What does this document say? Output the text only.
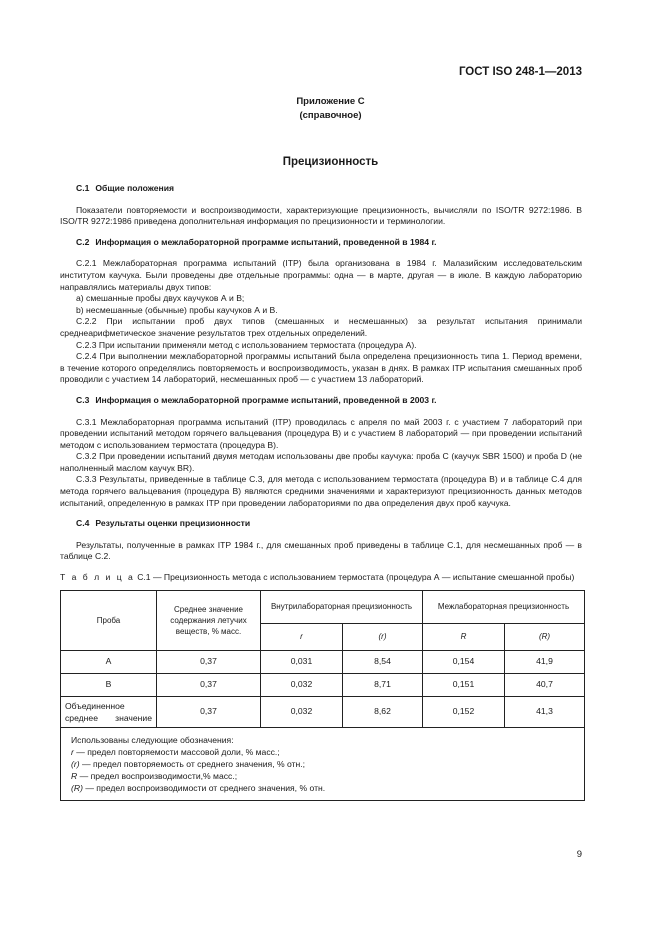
ГОСТ ISO 248-1—2013
Приложение С
(справочное)
Прецизионность
С.1 Общие положения

Показатели повторяемости и воспроизводимости, характеризующие прецизионность, вычисляли по ISO/TR 9272:1986. В ISO/TR 9272:1986 приведена дополнительная информация по прецизионности и терминологии.

С.2 Информация о межлабораторной программе испытаний, проведенной в 1984 г.

С.2.1 Межлабораторная программа испытаний (ITP) была организована в 1984 г. Малазийским исследовательским институтом каучука. Были проведены две отдельные программы: одна — в марте, другая — в июле. В каждую лабораторию направлялись материалы двух типов:

а) смешанные пробы двух каучуков А и В;

b) несмешанные (обычные) пробы каучуков А и В.

С.2.2 При испытании проб двух типов (смешанных и несмешанных) за результат испытания принимали среднеарифметическое значение результатов трех отдельных определений.

С.2.3 При испытании применяли метод с использованием термостата (процедура А).

С.2.4 При выполнении межлабораторной программы испытаний была определена прецизионность типа 1. Период времени, в течение которого определялись повторяемость и воспроизводимость, указан в днях. В рамках ITP испытания смешанных проб проводили с участием 14 лабораторий, несмешанных проб — с участием 13 лабораторий.

С.3 Информация о межлабораторной программе испытаний, проведенной в 2003 г.

С.3.1 Межлабораторная программа испытаний (ITP) проводилась с апреля по май 2003 г. с участием 7 лабораторий при проведении испытаний методом горячего вальцевания (процедура В) и с участием 8 лабораторий — при проведении испытаний методом с использованием термостата (процедура В).

С.3.2 При проведении испытаний двумя методам использованы две пробы каучука: проба С (каучук SBR 1500) и проба D (не наполненный маслом каучук BR).

С.3.3 Результаты, приведенные в таблице С.3, для метода с использованием термостата (процедура В) и в таблице С.4 для метода горячего вальцевания (процедура В) являются средними значениями и характеризуют прецизионность данных методов испытаний, определенную в рамках ITP при проведении лабораториями по два определения двух проб каучука.

С.4 Результаты оценки прецизионности

Результаты, полученные в рамках ITP 1984 г., для смешанных проб приведены в таблице С.1, для несмешанных проб — в таблице С.2.

Т а б л и ц а С.1 — Прецизионность метода с использованием термостата (процедура А — испытание смешанной пробы)

Проба	Среднее значение содержания летучих веществ, % масс.	Внутрилабораторная прецизионность		Межлабораторная прецизионность	
		r	(r)	R	(R)
А	0,37	0,031	8,54	0,154	41,9
В	0,37	0,032	8,71	0,151	40,7
Объединенное среднее значение	0,37	0,032	8,62	0,152	41,3

Использованы следующие обозначения:
r — предел повторяемости массовой доли, % масс.;
(r) — предел повторяемость от среднего значения, % отн.;
R — предел воспроизводимости,% масс.;
(R) — предел воспроизводимости от среднего значения, % отн.					
9
